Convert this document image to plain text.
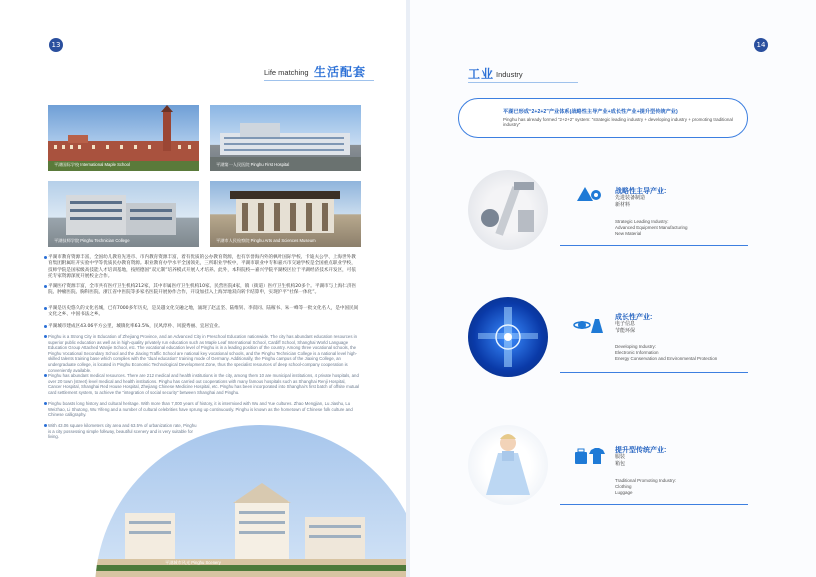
13
Life matching 生活配套
平湖国际学校 International Maple School	平湖第一人民医院 Pinghu First Hospital
平湖技师学院 Pinghu Technician College	平湖市人民检察院 Pinghu Arts and Sciences Museum
平湖市教育资源丰富，全国幼儿教育先进市、市内教育资源丰富，着有优质的公办教育资源，也有享誉海内外的枫叶国际学校、卡迪夫公学、上海世外教育集团附属旺开实验中学等优质民办教育资源。职业教育办学水平全国领先，三所职业学校中，平湖市职业中专和嘉兴市交通学校是全国重点职业学校，技师学院是国家级高技能人才培训基地，按照德国“双元制”培养模式开展人才培养。此外，本科院校—嘉兴学院平湖校区位于平湖经济技术开发区，可依托专家资源深度开展校企合作。
平湖医疗资源丰富，全市共有医疗卫生机构212家，其中市属医疗卫生机构10家、民营医院4家，镇（街道）医疗卫生机构20多个。平湖市与上海仁济医院、肿瘤医院、胸科医院、浙江省中医院等多家名医院开展协作合作，开设加挂入上海异地双向转卡结算申，实现沪平“社保一体化”。
平湖是历史悠久的文化名城，已有7000多年历史，是吴越文化交融之地，涌现了赵孟坚、陆维钊、李叔同、陆稼书、朱一峰等一批文化名人，是中国民间文化之乡、中国书法之乡。
平湖城市建成区43.06平方公里，城镇化率63.5%，民风淳朴、风貌秀丽、宜居宜业。
Pinghu is a Strong City in Education of Zhejiang Province, and an Advanced City in Preschool Education nationwide. The city has abundant education resources in superior public education as well as in high-quality privately run education such as Maple Leaf International School, Cardiff School, Shanghai World Language Education Group Attached Wanjie School, etc. The vocational education level of Pinghu is in a leading position of the country. Among three vocational schools, the Pinghu Vocational Secondary School and the Jiaxing Traffic School are national key vocational schools, and the Pinghu Technician College is a national level high-skilled talents training base which complies with the “dual education” training mode of Germany. Additionally, the Pinghu campus of the Jiaxing College, an undergraduate college, is located in Pinghu Economic Technological Development Zone, thus the specialist resources of deep school-company cooperation is conveniently available.
Pinghu has abundant medical resources. There are 212 medical and health institutions in the city, among them 10 are municipal institutions, 4 private hospitals, and over 20 town (street) level medical and health institutions. Pinghu has carried out cooperations with many famous hospitals such as Shanghai Renji Hospital, Cancer Hospital, Shanghai Red House Hospital, Zhejiang Chinese Medicine Hospital, etc. Pinghu has been incorporated into Shanghai's first batch of offsite mutual card settlement system, to achieve the “integration of social security” between Shanghai and Pinghu.
Pinghu boasts long history and cultural heritage. With more than 7,000 years of history, it is intermixed with Wu and Yue cultures. Zhao Mengjian, Lu Jiashu, Lu Weizhao, Li Shutong, Wu Yifeng and a number of cultural celebrities have sprung up continuously. Pinghu is known as the hometown of Chinese folk culture and Chinese calligraphy.
With 43.06 square kilometers city area and 63.5% of urbanization rate, Pinghu is a city possessing simple folkway, beautiful scenery and is very suitable for living.
平湖城市风光 Pinghu Scenery
14
工业 Industry
平湖已形成“2+2+2”产业体系(战略性主导产业+成长性产业+提升型传统产业)
Pinghu has already formed “2+2+2” system: “strategic leading industry + developing industry + promoting traditional industry”
战略性主导产业:
先进装备制造
新材料
Strategic Leading Industry:
Advanced Equipment Manufacturing
New Material
成长性产业:
电子信息
节能环保
Developing Industry:
Electronic Information
Energy Conservation and Environmental Protection
提升型传统产业:
服装
箱包
Traditional Promoting Industry:
Clothing
Luggage
